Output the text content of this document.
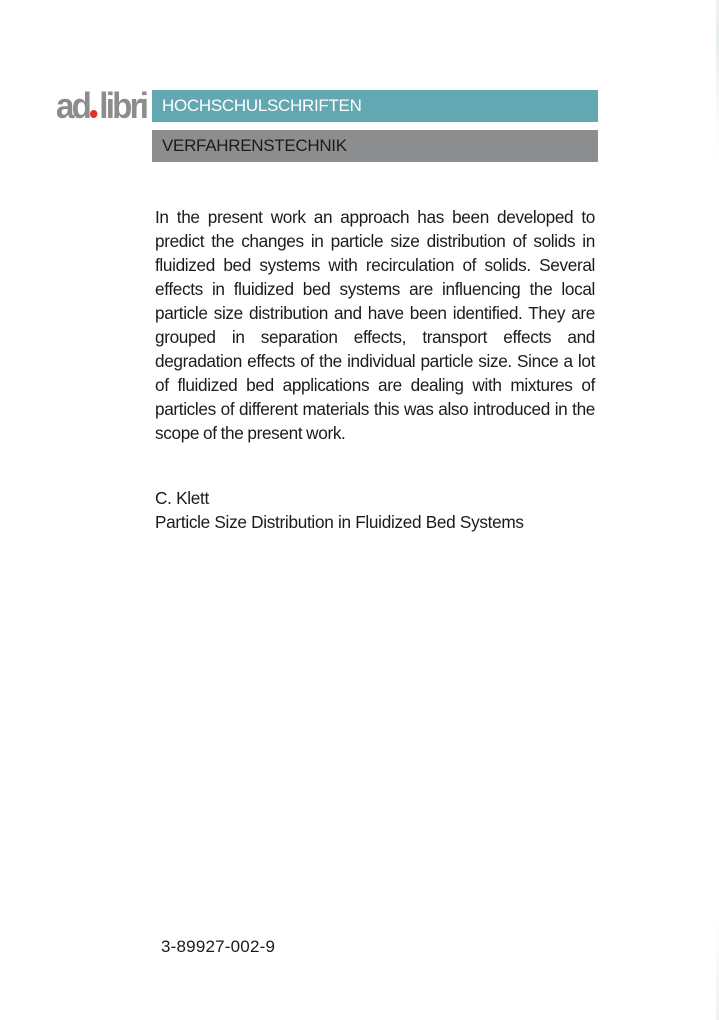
ad libri HOCHSCHULSCHRIFTEN
VERFAHRENSTECHNIK

In the present work an approach has been developed to predict the changes in particle size distribution of solids in fluidized bed systems with recirculation of solids. Several effects in fluidized bed systems are influencing the local particle size distribution and have been identified. They are grouped in separation effects, transport effects and degradation effects of the individual particle size. Since a lot of fluidized bed applications are dealing with mixtures of particles of different materials this was also introduced in the scope of the present work.

C. Klett
Particle Size Distribution in Fluidized Bed Systems
3-89927-002-9
